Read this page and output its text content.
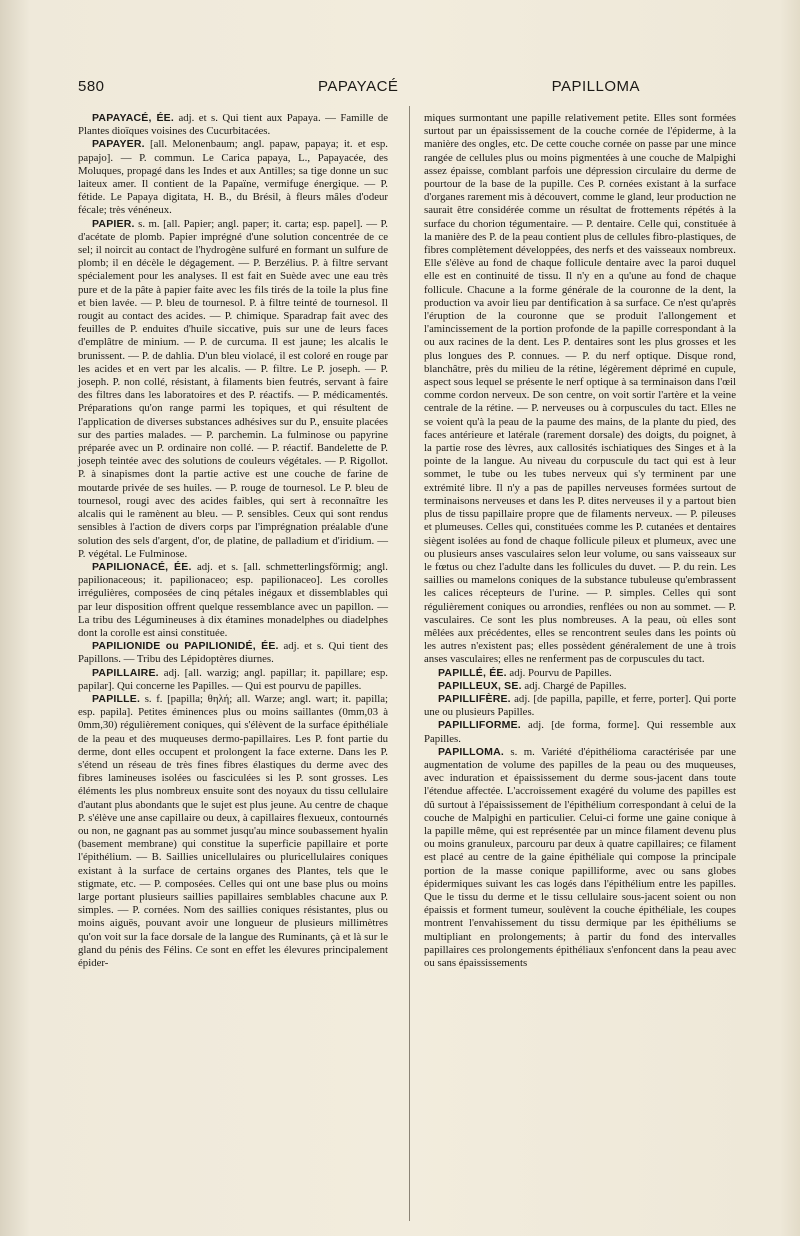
580	PAPAYACÉ	PAPILLOMA

PAPAYACÉ, ÉE. adj. et s. Qui tient aux Papaya. — Famille de Plantes dioïques voisines des Cucurbitacées.

PAPAYER. [all. Melonenbaum; angl. papaw, papaya; it. et esp. papajo]. — P. commun. Le Carica papaya, L., Papayacée, des Moluques, propagé dans les Indes et aux Antilles; sa tige donne un suc laiteux amer. Il contient de la Papaïne, vermifuge énergique. — P. fétide. Le Papaya digitata, H. B., du Brésil, à fleurs mâles d'odeur fécale; très vénéneux.

PAPIER. s. m. [all. Papier; angl. paper; it. carta; esp. papel]. — P. d'acétate de plomb. Papier imprégné d'une solution concentrée de ce sel; il noircit au contact de l'hydrogène sulfuré en formant un sulfure de plomb; il en décèle le dégagement. — P. Berzélius. P. à filtre servant spécialement pour les analyses. Il est fait en Suède avec une eau très pure et de la pâte à papier faite avec les fils tirés de la toile la plus fine et bien lavée. — P. bleu de tournesol. P. à filtre teinté de tournesol. Il rougit au contact des acides. — P. chimique. Sparadrap fait avec des feuilles de P. enduites d'huile siccative, puis sur une de leurs faces d'emplâtre de minium. — P. de curcuma. Il est jaune; les alcalis le brunissent. — P. de dahlia. D'un bleu violacé, il est coloré en rouge par les acides et en vert par les alcalis. — P. filtre. Le P. joseph. — P. joseph. P. non collé, résistant, à filaments bien feutrés, servant à faire des filtres dans les laboratoires et des P. réactifs. — P. médicamentés. Préparations qu'on range parmi les topiques, et qui résultent de l'application de diverses substances adhésives sur du P., ensuite placées sur des parties malades. — P. parchemin. La fulminose ou papyrine préparée avec un P. ordinaire non collé. — P. réactif. Bandelette de P. joseph teintée avec des solutions de couleurs végétales. — P. Rigollot. P. à sinapismes dont la partie active est une couche de farine de moutarde privée de ses huiles. — P. rouge de tournesol. Le P. bleu de tournesol, rougi avec des acides faibles, qui sert à reconnaître les alcalis qui le ramènent au bleu. — P. sensibles. Ceux qui sont rendus sensibles à l'action de divers corps par l'imprégnation préalable d'une solution des sels d'argent, d'or, de platine, de palladium et d'iridium. — P. végétal. Le Fulminose.

PAPILIONACÉ, ÉE. adj. et s. [all. schmetterlingsförmig; angl. papilionaceous; it. papilionaceo; esp. papilionaceo]. Les corolles irrégulières, composées de cinq pétales inégaux et dissemblables qui par leur disposition offrent quelque ressemblance avec un papillon. — La tribu des Légumineuses à dix étamines monadelphes ou diadelphes dont la corolle est ainsi constituée.

PAPILIONIDE ou PAPILIONIDÉ, ÉE. adj. et s. Qui tient des Papillons. — Tribu des Lépidoptères diurnes.

PAPILLAIRE. adj. [all. warzig; angl. papillar; it. papillare; esp. papilar]. Qui concerne les Papilles. — Qui est pourvu de papilles.

PAPILLE. s. f. [papilla; θηλή; all. Warze; angl. wart; it. papilla; esp. papila]. Petites éminences plus ou moins saillantes (0mm,03 à 0mm,30) régulièrement coniques, qui s'élèvent de la surface épithéliale de la peau et des muqueuses dermo-papillaires. Les P. font partie du derme, dont elles occupent et prolongent la face externe. Dans les P. s'étend un réseau de très fines fibres élastiques du derme avec des fibres lamineuses isolées ou fasciculées si les P. sont grosses. Les éléments les plus nombreux ensuite sont des noyaux du tissu cellulaire d'autant plus abondants que le sujet est plus jeune. Au centre de chaque P. s'élève une anse capillaire ou deux, à capillaires flexueux, contournés ou non, ne gagnant pas au sommet jusqu'au mince soubassement hyalin (basement membrane) qui constitue la superficie papillaire et porte l'épithélium. — B. Saillies unicellulaires ou pluricellulaires coniques existant à la surface de certains organes des Plantes, tels que le stigmate, etc. — P. composées. Celles qui ont une base plus ou moins large portant plusieurs saillies papillaires semblables chacune aux P. simples. — P. cornées. Nom des saillies coniques résistantes, plus ou moins aiguës, pouvant avoir une longueur de plusieurs millimètres qu'on voit sur la face dorsale de la langue des Ruminants, çà et là sur le gland du pénis des Félins. Ce sont en effet les élevures principalement épider-

miques surmontant une papille relativement petite. Elles sont formées surtout par un épaississement de la couche cornée de l'épiderme, à la manière des ongles, etc. De cette couche cornée on passe par une mince rangée de cellules plus ou moins pigmentées à une couche de Malpighi assez épaisse, comblant parfois une dépression circulaire du derme de pourtour de la base de la pupille. Ces P. cornées existant à la surface d'organes rarement mis à découvert, comme le gland, leur production ne saurait être considérée comme un résultat de frottements répétés à la surface du chorion tégumentaire. — P. dentaire. Celle qui, constituée à la manière des P. de la peau contient plus de cellules fibro-plastiques, de fibres complètement développées, des nerfs et des vaisseaux nombreux. Elle s'élève au fond de chaque follicule dentaire avec la paroi duquel elle est en continuité de tissu. Il n'y en a qu'une au fond de chaque follicule. Chacune a la forme générale de la couronne de la dent, la production va avoir lieu par dentification à sa surface. Ce n'est qu'après l'éruption de la couronne que se produit l'allongement et l'amincissement de la portion profonde de la papille correspondant à la ou aux racines de la dent. Les P. dentaires sont les plus grosses et les plus longues des P. connues. — P. du nerf optique. Disque rond, blanchâtre, près du milieu de la rétine, légèrement déprimé en cupule, aspect sous lequel se présente le nerf optique à sa terminaison dans l'œil comme cordon nerveux. De son centre, on voit sortir l'artère et la veine centrale de la rétine. — P. nerveuses ou à corpuscules du tact. Elles ne se voient qu'à la peau de la paume des mains, de la plante du pied, des faces antérieure et latérale (rarement dorsale) des doigts, du poignet, à la partie rose des lèvres, aux callosités ischiatiques des Singes et à la pointe de la langue. Au niveau du corpuscule du tact qui est à leur sommet, le tube ou les tubes nerveux qui s'y terminent par une extrémité libre. Il n'y a pas de papilles nerveuses formées surtout de terminaisons nerveuses et dans les P. dites nerveuses il y a partout bien plus de tissu papillaire propre que de filaments nerveux. — P. pileuses et plumeuses. Celles qui, constituées comme les P. cutanées et dentaires siègent isolées au fond de chaque follicule pileux et plumeux, avec une ou plusieurs anses vasculaires selon leur volume, ou sans vaisseaux sur le fœtus ou chez l'adulte dans les follicules du duvet. — P. du rein. Les saillies ou mamelons coniques de la substance tubuleuse qu'embrassent les calices récepteurs de l'urine. — P. simples. Celles qui sont régulièrement coniques ou arrondies, renflées ou non au sommet. — P. vasculaires. Ce sont les plus nombreuses. A la peau, où elles sont mêlées aux précédentes, elles se rencontrent seules dans les points où les autres n'existent pas; elles possèdent généralement de une à trois anses vasculaires; elles ne renferment pas de corpuscules du tact.

PAPILLÉ, ÉE. adj. Pourvu de Papilles.

PAPILLEUX, SE. adj. Chargé de Papilles.

PAPILLIFÈRE. adj. [de papilla, papille, et ferre, porter]. Qui porte une ou plusieurs Papilles.

PAPILLIFORME. adj. [de forma, forme]. Qui ressemble aux Papilles.

PAPILLOMA. s. m. Variété d'épithélioma caractérisée par une augmentation de volume des papilles de la peau ou des muqueuses, avec induration et épaississement du derme sous-jacent dans toute l'étendue affectée. L'accroissement exagéré du volume des papilles est dû surtout à l'épaississement de l'épithélium correspondant à celui de la couche de Malpighi en particulier. Celui-ci forme une gaine conique à la papille même, qui est représentée par un mince filament devenu plus ou moins granuleux, parcouru par deux à quatre capillaires; ce filament est placé au centre de la gaine épithéliale qui compose la principale portion de la masse conique papilliforme, avec ou sans globes épidermiques suivant les cas logés dans l'épithélium entre les papilles. Que le tissu du derme et le tissu cellulaire sous-jacent soient ou non épaissis et forment tumeur, soulèvent la couche épithéliale, les coupes montrent l'envahissement du tissu dermique par les épithéliums se multipliant en prolongements; à partir du fond des intervalles papillaires ces prolongements épithéliaux s'enfoncent dans la peau avec ou sans épaississements
